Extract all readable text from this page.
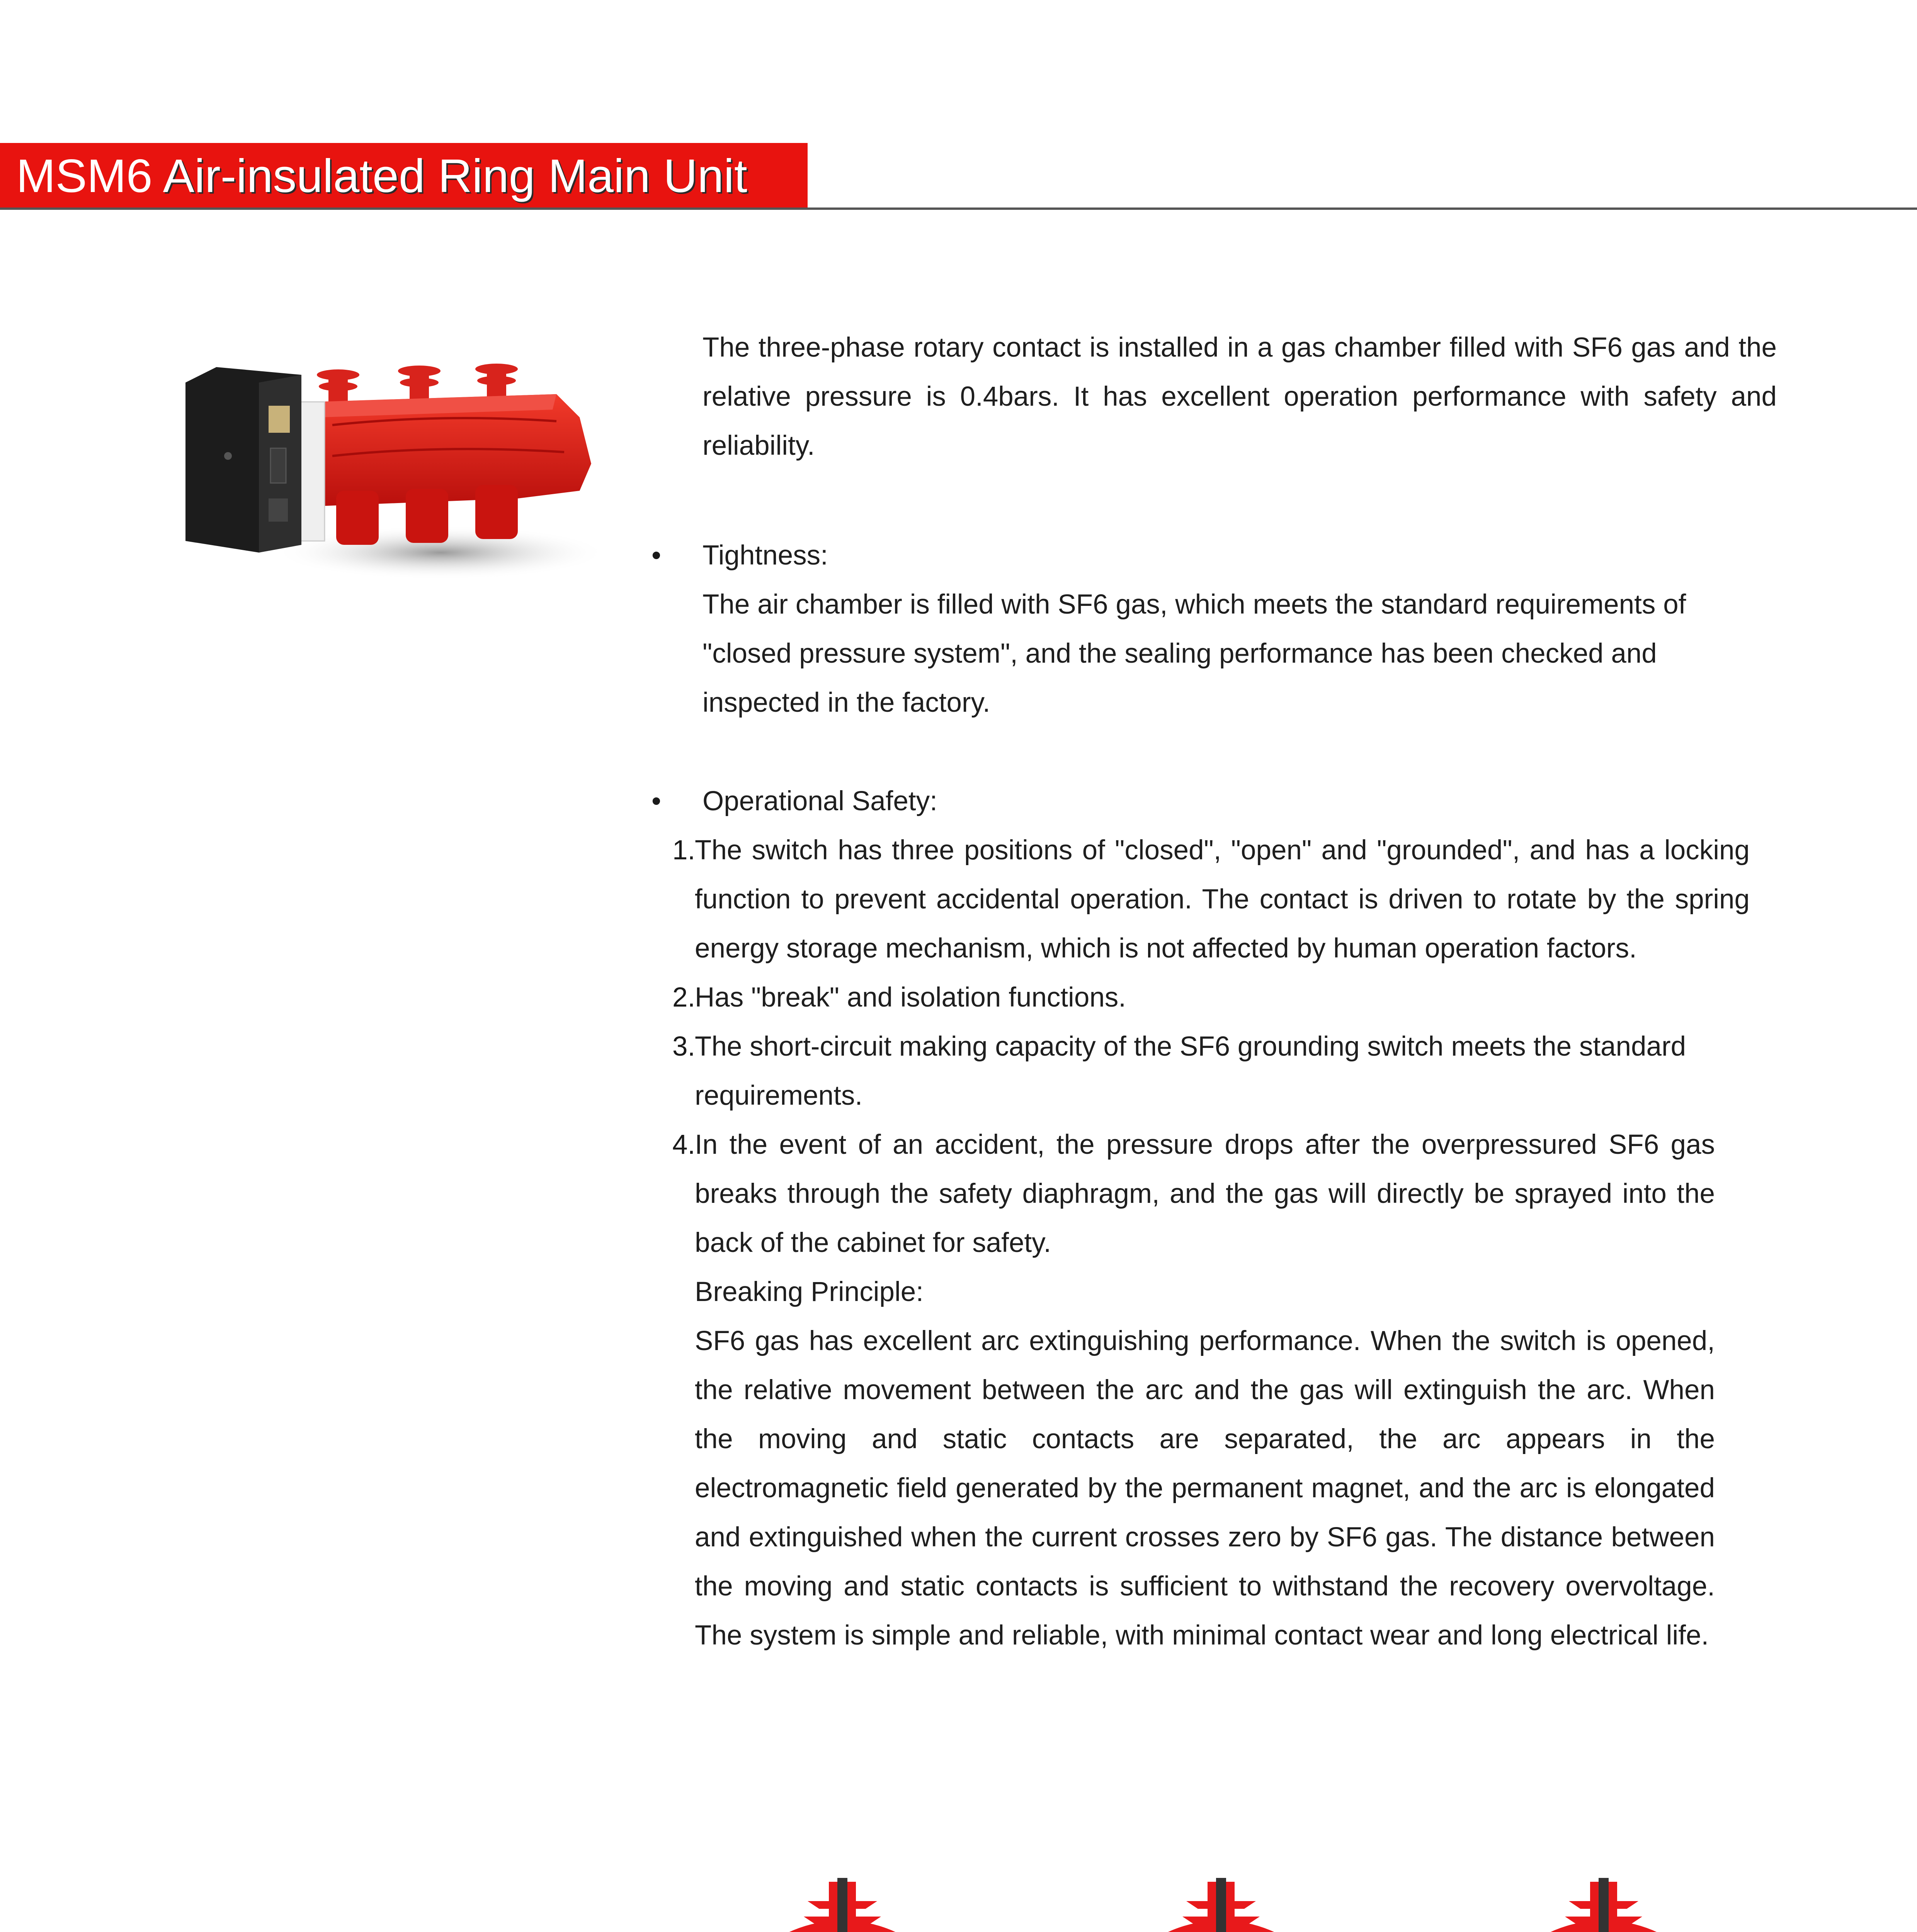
MSM6 Air-insulated Ring Main Unit

The three-phase rotary contact is installed in a gas chamber filled with SF6 gas and the relative pressure is 0.4bars. It has excellent operation performance with safety and reliability.

• Tightness:
The air chamber is filled with SF6 gas, which meets the standard requirements of "closed pressure system", and the sealing performance has been checked and inspected in the factory.
• Operational Safety:
1.
The switch has three positions of "closed", "open" and "grounded", and has a locking function to prevent accidental operation. The contact is driven to rotate by the spring energy storage mechanism, which is not affected by human operation factors.
2.
Has "break" and isolation functions.
3.
The short-circuit making capacity of the SF6 grounding switch meets the standard requirements.
4.
In the event of an accident, the pressure drops after the overpressured SF6 gas breaks through the safety diaphragm, and the gas will directly be sprayed into the back of the cabinet for safety.
Breaking Principle:
SF6 gas has excellent arc extinguishing performance. When the switch is opened, the relative movement between the arc and the gas will extinguish the arc. When the moving and static contacts are separated, the arc appears in the electromagnetic field generated by the permanent magnet, and the arc is elongated and extinguished when the current crosses zero by SF6 gas. The distance between the moving and static contacts is sufficient to withstand the recovery overvoltage. The system is simple and reliable, with minimal contact wear and long electrical life.
